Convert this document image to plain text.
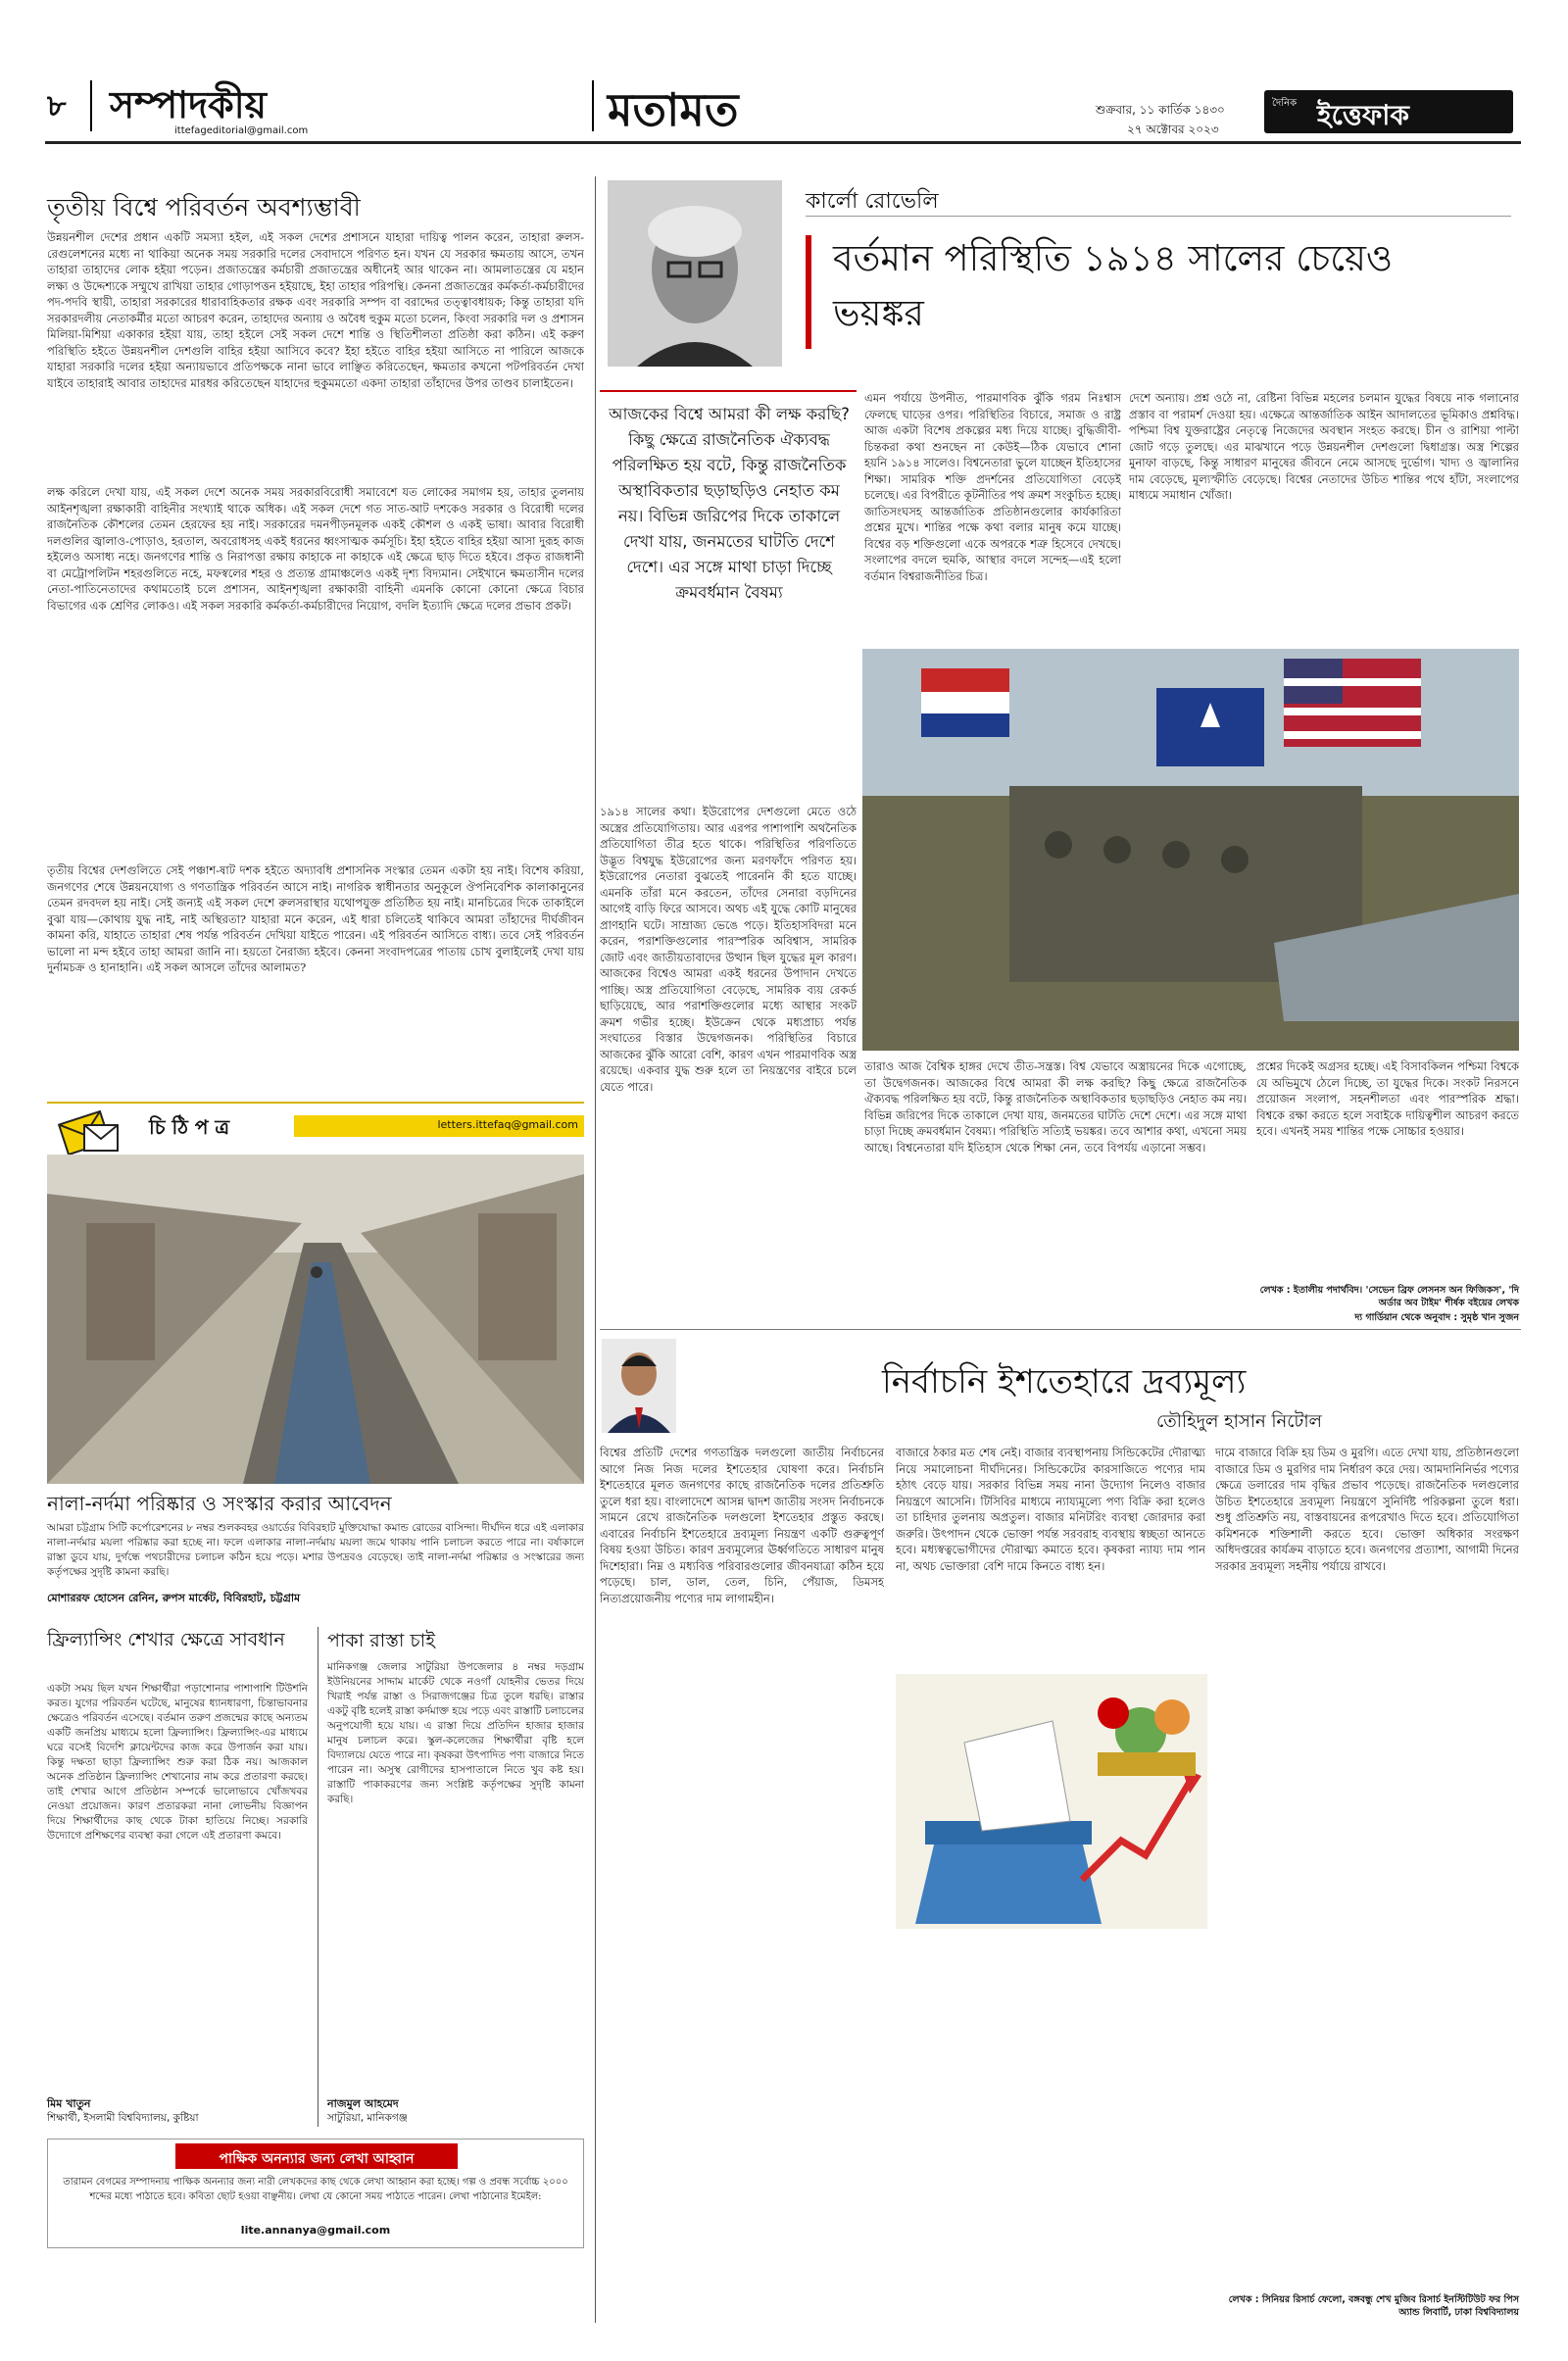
৮ সম্পাদকীয়
ittefageditorial@gmail.com	মতামত	শুক্রবার, ১১ কার্তিক ১৪৩০
২৭ অক্টোবর ২০২৩
দৈনিক ইত্তেফাক
তৃতীয় বিশ্বে পরিবর্তন অবশ্যম্ভাবী
উন্নয়নশীল দেশের প্রধান একটি সমস্যা হইল, এই সকল দেশের প্রশাসনে যাহারা দায়িত্ব পালন করেন, তাহারা রুলস-রেগুলেশনের মধ্যে না থাকিয়া অনেক সময় সরকারি দলের সেবাদাসে পরিণত হন। যখন যে সরকার ক্ষমতায় আসে, তখন তাহারা তাহাদের লোক হইয়া পড়েন। প্রজাতন্ত্রের কর্মচারী প্রজাতন্ত্রের অধীনেই আর থাকেন না। আমলাতন্ত্রের যে মহান লক্ষ্য ও উদ্দেশ্যকে সম্মুখে রাখিয়া তাহার গোড়াপত্তন হইয়াছে, ইহা তাহার পরিপন্থি। কেননা প্রজাতন্ত্রের কর্মকর্তা-কর্মচারীদের পদ-পদবি স্থায়ী, তাহারা সরকারের ধারাবাহিকতার রক্ষক এবং সরকারি সম্পদ বা বরাদ্দের তত্ত্বাবধায়ক; কিন্তু তাহারা যদি সরকারদলীয় নেতাকর্মীর মতো আচরণ করেন, তাহাদের অন্যায় ও অবৈধ হুকুম মতো চলেন, কিংবা সরকারি দল ও প্রশাসন মিলিয়া-মিশিয়া একাকার হইয়া যায়, তাহা হইলে সেই সকল দেশে শান্তি ও স্থিতিশীলতা প্রতিষ্ঠা করা কঠিন। এই করুণ পরিস্থিতি হইতে উন্নয়নশীল দেশগুলি বাহির হইয়া আসিবে কবে? ইহা হইতে বাহির হইয়া আসিতে না পারিলে আজকে যাহারা সরকারি দলের হইয়া অন্যায়ভাবে প্রতিপক্ষকে নানা ভাবে লাঞ্ছিত করিতেছেন, ক্ষমতার কখনো পটপরিবর্তন দেখা যাইবে তাহারাই আবার তাহাদের মারধর করিতেছেন যাহাদের হুকুমমতো একদা তাহারা তাঁহাদের উপর তাণ্ডব চালাইতেন।
লক্ষ করিলে দেখা যায়, এই সকল দেশে অনেক সময় সরকারবিরোধী সমাবেশে যত লোকের সমাগম হয়, তাহার তুলনায় আইনশৃঙ্খলা রক্ষাকারী বাহিনীর সংখ্যাই থাকে অধিক। এই সকল দেশে গত সাত-আট দশকেও সরকার ও বিরোধী দলের রাজনৈতিক কৌশলের তেমন হেরফের হয় নাই। সরকারের দমনপীড়নমূলক একই কৌশল ও একই ভাষা। আবার বিরোধী দলগুলির জ্বালাও-পোড়াও, হরতাল, অবরোধসহ একই ধরনের ধ্বংসাত্মক কর্মসূচি। ইহা হইতে বাহির হইয়া আসা দুরূহ কাজ হইলেও অসাধ্য নহে। জনগণের শান্তি ও নিরাপত্তা রক্ষায় কাহাকে না কাহাকে এই ক্ষেত্রে ছাড় দিতে হইবে। প্রকৃত রাজধানী বা মেট্রোপলিটন শহরগুলিতে নহে, মফস্বলের শহর ও প্রত্যন্ত গ্রামাঞ্চলেও একই দৃশ্য বিদ্যমান। সেইখানে ক্ষমতাসীন দলের নেতা-পাতিনেতাদের কথামতোই চলে প্রশাসন, আইনশৃঙ্খলা রক্ষাকারী বাহিনী এমনকি কোনো কোনো ক্ষেত্রে বিচার বিভাগের এক শ্রেণির লোকও। এই সকল সরকারি কর্মকর্তা-কর্মচারীদের নিয়োগ, বদলি ইত্যাদি ক্ষেত্রে দলের প্রভাব প্রকট।
তৃতীয় বিশ্বের দেশগুলিতে সেই পঞ্চাশ-ষাট দশক হইতে অদ্যাবধি প্রশাসনিক সংস্কার তেমন একটা হয় নাই। বিশেষ করিয়া, জনগণের শেষে উন্নয়নযোগ্য ও গণতান্ত্রিক পরিবর্তন আসে নাই। নাগরিক স্বাধীনতার অনুকূলে ঔপনিবেশিক কালাকানুনের তেমন রদবদল হয় নাই। সেই জন্যই এই সকল দেশে রুলসরাস্থার যথোপযুক্ত প্রতিষ্ঠিত হয় নাই। মানচিত্রের দিকে তাকাইলে বুঝা যায়—কোথায় যুদ্ধ নাই, নাই অস্থিরতা? যাহারা মনে করেন, এই ধারা চলিতেই থাকিবে আমরা তাঁহাদের দীর্ঘজীবন কামনা করি, যাহাতে তাহারা শেষ পর্যন্ত পরিবর্তন দেখিয়া যাইতে পারেন। এই পরিবর্তন আসিতে বাধ্য। তবে সেই পরিবর্তন ভালো না মন্দ হইবে তাহা আমরা জানি না। হয়তো নৈরাজ্য হইবে। কেননা সংবাদপত্রের পাতায় চোখ বুলাইলেই দেখা যায় দুর্নামচক্র ও হানাহানি। এই সকল আসলে তাঁদের আলামত?
চি ঠি প ত্র	letters.ittefaq@gmail.com
নালা-নর্দমা পরিষ্কার ও সংস্কার করার আবেদন
আমরা চট্টগ্রাম সিটি কর্পোরেশনের ৮ নম্বর শুলকবহর ওয়ার্ডের বিবিরহাট মুক্তিযোদ্ধা কমান্ড রোডের বাসিন্দা। দীর্ঘদিন ধরে এই এলাকার নালা-নর্দমার ময়লা পরিষ্কার করা হচ্ছে না। ফলে এলাকার নালা-নর্দমায় ময়লা জমে থাকায় পানি চলাচল করতে পারে না। বর্ষাকালে রাস্তা ডুবে যায়, দুর্গন্ধে পথচারীদের চলাচল কঠিন হয়ে পড়ে। মশার উপদ্রবও বেড়েছে। তাই নালা-নর্দমা পরিষ্কার ও সংস্কারের জন্য কর্তৃপক্ষের সুদৃষ্টি কামনা করছি।
মোশাররফ হোসেন রেনিন, রুপস মার্কেট, বিবিরহাট, চট্টগ্রাম
ফ্রিল্যান্সিং শেখার ক্ষেত্রে সাবধান
একটা সময় ছিল যখন শিক্ষার্থীরা পড়াশোনার পাশাপাশি টিউশনি করত। যুগের পরিবর্তন ঘটেছে, মানুষের ধ্যানধারণা, চিন্তাভাবনার ক্ষেত্রেও পরিবর্তন এসেছে। বর্তমান তরুণ প্রজন্মের কাছে অন্যতম একটি জনপ্রিয় মাধ্যমে হলো ফ্রিল্যান্সিং। ফ্রিল্যান্সিং-এর মাধ্যমে ঘরে বসেই বিদেশি ক্লায়েন্টদের কাজ করে উপার্জন করা যায়। কিন্তু দক্ষতা ছাড়া ফ্রিল্যান্সিং শুরু করা ঠিক নয়। আজকাল অনেক প্রতিষ্ঠান ফ্রিল্যান্সিং শেখানোর নাম করে প্রতারণা করছে। তাই শেখার আগে প্রতিষ্ঠান সম্পর্কে ভালোভাবে খোঁজখবর নেওয়া প্রয়োজন। কারণ প্রতারকরা নানা লোভনীয় বিজ্ঞাপন দিয়ে শিক্ষার্থীদের কাছ থেকে টাকা হাতিয়ে নিচ্ছে। সরকারি উদ্যোগে প্রশিক্ষণের ব্যবস্থা করা গেলে এই প্রতারণা কমবে।
মিম খাতুন
শিক্ষার্থী, ইসলামী বিশ্ববিদ্যালয়, কুষ্টিয়া
পাকা রাস্তা চাই
মানিকগঞ্জ জেলার সাটুরিয়া উপজেলার ৪ নম্বর দড়গ্রাম ইউনিয়নের সাদ্দাম মার্কেট থেকে নওগাঁ যোহনীর ভেতর দিয়ে খিরাই পর্যন্ত রাস্তা ও সিরাজগঞ্জের চিত্র তুলে ধরছি। রাস্তার একটু বৃষ্টি হলেই রাস্তা কর্দমাক্ত হয়ে পড়ে এবং রাস্তাটি চলাচলের অনুপযোগী হয়ে যায়। এ রাস্তা দিয়ে প্রতিদিন হাজার হাজার মানুষ চলাচল করে। স্কুল-কলেজের শিক্ষার্থীরা বৃষ্টি হলে বিদ্যালয়ে যেতে পারে না। কৃষকরা উৎপাদিত পণ্য বাজারে নিতে পারেন না। অসুস্থ রোগীদের হাসপাতালে নিতে খুব কষ্ট হয়। রাস্তাটি পাকাকরণের জন্য সংশ্লিষ্ট কর্তৃপক্ষের সুদৃষ্টি কামনা করছি।
নাজমুল আহমেদ
সাটুরিয়া, মানিকগঞ্জ
পাক্ষিক অনন্যার জন্য লেখা আহ্বান
তারামন বেগমের সম্পাদনায় পাক্ষিক অনন্যার জন্য নারী লেখকদের কাছ থেকে লেখা আহ্বান করা হচ্ছে। গল্প ও প্রবন্ধ সর্বোচ্চ ২০০০ শব্দের মধ্যে পাঠাতে হবে। কবিতা ছোট হওয়া বাঞ্ছনীয়। লেখা যে কোনো সময় পাঠাতে পারেন। লেখা পাঠানোর ইমেইল:
lite.annanya@gmail.com
কার্লো রোভেলি
বর্তমান পরিস্থিতি ১৯১৪ সালের চেয়েও ভয়ঙ্কর
আজকের বিশ্বে আমরা কী লক্ষ করছি? কিছু ক্ষেত্রে রাজনৈতিক ঐক্যবদ্ধ পরিলক্ষিত হয় বটে, কিন্তু রাজনৈতিক অস্থাবিকতার ছড়াছড়িও নেহাত কম নয়। বিভিন্ন জরিপের দিকে তাকালে দেখা যায়, জনমতের ঘাটতি দেশে দেশে। এর সঙ্গে মাথা চাড়া দিচ্ছে ক্রমবর্ধমান বৈষম্য
১৯১৪ সালের কথা। ইউরোপের দেশগুলো মেতে ওঠে অস্ত্রের প্রতিযোগিতায়। আর এরপর পাশাপাশি অথনৈতিক প্রতিযোগিতা তীব্র হতে থাকে। পরিস্থিতির পরিণতিতে উদ্ভূত বিশ্বযুদ্ধ ইউরোপের জন্য মরণফাঁদে পরিণত হয়। ইউরোপের নেতারা বুঝতেই পারেননি কী হতে যাচ্ছে। এমনকি তাঁরা মনে করতেন, তাঁদের সেনারা বড়দিনের আগেই বাড়ি ফিরে আসবে। অথচ এই যুদ্ধে কোটি মানুষের প্রাণহানি ঘটে। সাম্রাজ্য ভেঙে পড়ে। ইতিহাসবিদরা মনে করেন, পরাশক্তিগুলোর পারস্পরিক অবিশ্বাস, সামরিক জোট এবং জাতীয়তাবাদের উত্থান ছিল যুদ্ধের মূল কারণ। আজকের বিশ্বেও আমরা একই ধরনের উপাদান দেখতে পাচ্ছি। অস্ত্র প্রতিযোগিতা বেড়েছে, সামরিক ব্যয় রেকর্ড ছাড়িয়েছে, আর পরাশক্তিগুলোর মধ্যে আস্থার সংকট ক্রমশ গভীর হচ্ছে। ইউক্রেন থেকে মধ্যপ্রাচ্য পর্যন্ত সংঘাতের বিস্তার উদ্বেগজনক। পরিস্থিতির বিচারে আজকের ঝুঁকি আরো বেশি, কারণ এখন পারমাণবিক অস্ত্র রয়েছে। একবার যুদ্ধ শুরু হলে তা নিয়ন্ত্রণের বাইরে চলে যেতে পারে।
এমন পর্যায়ে উপনীত, পারমাণবিক ঝুঁকি গরম নিঃশ্বাস ফেলছে ঘাড়ের ওপর। পরিস্থিতির বিচারে, সমাজ ও রাষ্ট্র আজ একটা বিশেষ প্রকল্পের মধ্য দিয়ে যাচ্ছে। বুদ্ধিজীবী-চিন্তকরা কথা শুনছেন না কেউই—ঠিক যেভাবে শোনা হয়নি ১৯১৪ সালেও। বিশ্বনেতারা ভুলে যাচ্ছেন ইতিহাসের শিক্ষা। সামরিক শক্তি প্রদর্শনের প্রতিযোগিতা বেড়েই চলেছে। এর বিপরীতে কূটনীতির পথ ক্রমশ সংকুচিত হচ্ছে। জাতিসংঘসহ আন্তর্জাতিক প্রতিষ্ঠানগুলোর কার্যকারিতা প্রশ্নের মুখে। শান্তির পক্ষে কথা বলার মানুষ কমে যাচ্ছে। বিশ্বের বড় শক্তিগুলো একে অপরকে শত্রু হিসেবে দেখছে। সংলাপের বদলে হুমকি, আস্থার বদলে সন্দেহ—এই হলো বর্তমান বিশ্বরাজনীতির চিত্র।
দেশে অন্যায়। প্রশ্ন ওঠে না, রেষ্টিনা বিভিন্ন মহলের চলমান যুদ্ধের বিষয়ে নাক গলানোর প্রস্তাব বা পরামর্শ দেওয়া হয়। এক্ষেত্রে আন্তর্জাতিক আইন আদালতের ভূমিকাও প্রশ্নবিদ্ধ। পশ্চিমা বিশ্ব যুক্তরাষ্ট্রের নেতৃত্বে নিজেদের অবস্থান সংহত করছে। চীন ও রাশিয়া পাল্টা জোট গড়ে তুলছে। এর মাঝখানে পড়ে উন্নয়নশীল দেশগুলো দ্বিধাগ্রস্ত। অস্ত্র শিল্পের মুনাফা বাড়ছে, কিন্তু সাধারণ মানুষের জীবনে নেমে আসছে দুর্ভোগ। খাদ্য ও জ্বালানির দাম বেড়েছে, মূল্যস্ফীতি বেড়েছে। বিশ্বের নেতাদের উচিত শান্তির পথে হাঁটা, সংলাপের মাধ্যমে সমাধান খোঁজা।
তারাও আজ বৈশ্বিক হাঙ্গর দেখে তীত-সন্ত্রস্ত। বিশ্ব যেভাবে অস্ত্রায়নের দিকে এগোচ্ছে, তা উদ্বেগজনক। আজকের বিশ্বে আমরা কী লক্ষ করছি? কিছু ক্ষেত্রে রাজনৈতিক ঐক্যবদ্ধ পরিলক্ষিত হয় বটে, কিন্তু রাজনৈতিক অস্থাবিকতার ছড়াছড়িও নেহাত কম নয়। বিভিন্ন জরিপের দিকে তাকালে দেখা যায়, জনমতের ঘাটতি দেশে দেশে। এর সঙ্গে মাথা চাড়া দিচ্ছে ক্রমবর্ধমান বৈষম্য। পরিস্থিতি সত্যিই ভয়ঙ্কর। তবে আশার কথা, এখনো সময় আছে। বিশ্বনেতারা যদি ইতিহাস থেকে শিক্ষা নেন, তবে বিপর্যয় এড়ানো সম্ভব।
প্রশ্নের দিকেই অগ্রসর হচ্ছে। এই বিসাবকিলন পশ্চিমা বিশ্বকে যে অভিমুখে ঠেলে দিচ্ছে, তা যুদ্ধের দিকে। সংকট নিরসনে প্রয়োজন সংলাপ, সহনশীলতা এবং পারস্পরিক শ্রদ্ধা। বিশ্বকে রক্ষা করতে হলে সবাইকে দায়িত্বশীল আচরণ করতে হবে। এখনই সময় শান্তির পক্ষে সোচ্চার হওয়ার।
লেখক : ইতালীয় পদার্থবিদ। 'সেভেন ব্রিফ লেসনস অন ফিজিকস', 'দি অর্ডার অব টাইম' শীর্ষক বইয়ের লেখক
দ্য গার্ডিয়ান থেকে অনুবাদ : সুমৃষ্ঠ খান সুজন
নির্বাচনি ইশতেহারে দ্রব্যমূল্য
তৌহিদুল হাসান নিটোল
বিশ্বের প্রতিটি দেশের গণতান্ত্রিক দলগুলো জাতীয় নির্বাচনের আগে নিজ নিজ দলের ইশতেহার ঘোষণা করে। নির্বাচনি ইশতেহারে মূলত জনগণের কাছে রাজনৈতিক দলের প্রতিশ্রুতি তুলে ধরা হয়। বাংলাদেশে আসন্ন দ্বাদশ জাতীয় সংসদ নির্বাচনকে সামনে রেখে রাজনৈতিক দলগুলো ইশতেহার প্রস্তুত করছে। এবারের নির্বাচনি ইশতেহারে দ্রব্যমূল্য নিয়ন্ত্রণ একটি গুরুত্বপূর্ণ বিষয় হওয়া উচিত। কারণ দ্রব্যমূল্যের ঊর্ধ্বগতিতে সাধারণ মানুষ দিশেহারা। নিম্ন ও মধ্যবিত্ত পরিবারগুলোর জীবনযাত্রা কঠিন হয়ে পড়েছে। চাল, ডাল, তেল, চিনি, পেঁয়াজ, ডিমসহ নিত্যপ্রয়োজনীয় পণ্যের দাম লাগামহীন।
বাজারে ঠকার মত শেষ নেই। বাজার ব্যবস্থাপনায় সিন্ডিকেটের দৌরাত্ম্য নিয়ে সমালোচনা দীর্ঘদিনের। সিন্ডিকেটের কারসাজিতে পণ্যের দাম হঠাৎ বেড়ে যায়। সরকার বিভিন্ন সময় নানা উদ্যোগ নিলেও বাজার নিয়ন্ত্রণে আসেনি। টিসিবির মাধ্যমে ন্যায্যমূল্যে পণ্য বিক্রি করা হলেও তা চাহিদার তুলনায় অপ্রতুল। বাজার মনিটরিং ব্যবস্থা জোরদার করা জরুরি। উৎপাদন থেকে ভোক্তা পর্যন্ত সরবরাহ ব্যবস্থায় স্বচ্ছতা আনতে হবে। মধ্যস্বত্বভোগীদের দৌরাত্ম্য কমাতে হবে। কৃষকরা ন্যায্য দাম পান না, অথচ ভোক্তারা বেশি দামে কিনতে বাধ্য হন।
দামে বাজারে বিক্রি হয় ডিম ও মুরগি। এতে দেখা যায়, প্রতিষ্ঠানগুলো বাজারে ডিম ও মুরগির দাম নির্ধারণ করে দেয়। আমদানিনির্ভর পণ্যের ক্ষেত্রে ডলারের দাম বৃদ্ধির প্রভাব পড়েছে। রাজনৈতিক দলগুলোর উচিত ইশতেহারে দ্রব্যমূল্য নিয়ন্ত্রণে সুনির্দিষ্ট পরিকল্পনা তুলে ধরা। শুধু প্রতিশ্রুতি নয়, বাস্তবায়নের রূপরেখাও দিতে হবে। প্রতিযোগিতা কমিশনকে শক্তিশালী করতে হবে। ভোক্তা অধিকার সংরক্ষণ অধিদপ্তরের কার্যক্রম বাড়াতে হবে। জনগণের প্রত্যাশা, আগামী দিনের সরকার দ্রব্যমূল্য সহনীয় পর্যায়ে রাখবে।
লেখক : সিনিয়র রিসার্চ ফেলো, বঙ্গবন্ধু শেখ মুজিব রিসার্চ ইনস্টিটিউট ফর পিস অ্যান্ড লিবার্টি, ঢাকা বিশ্ববিদ্যালয়
